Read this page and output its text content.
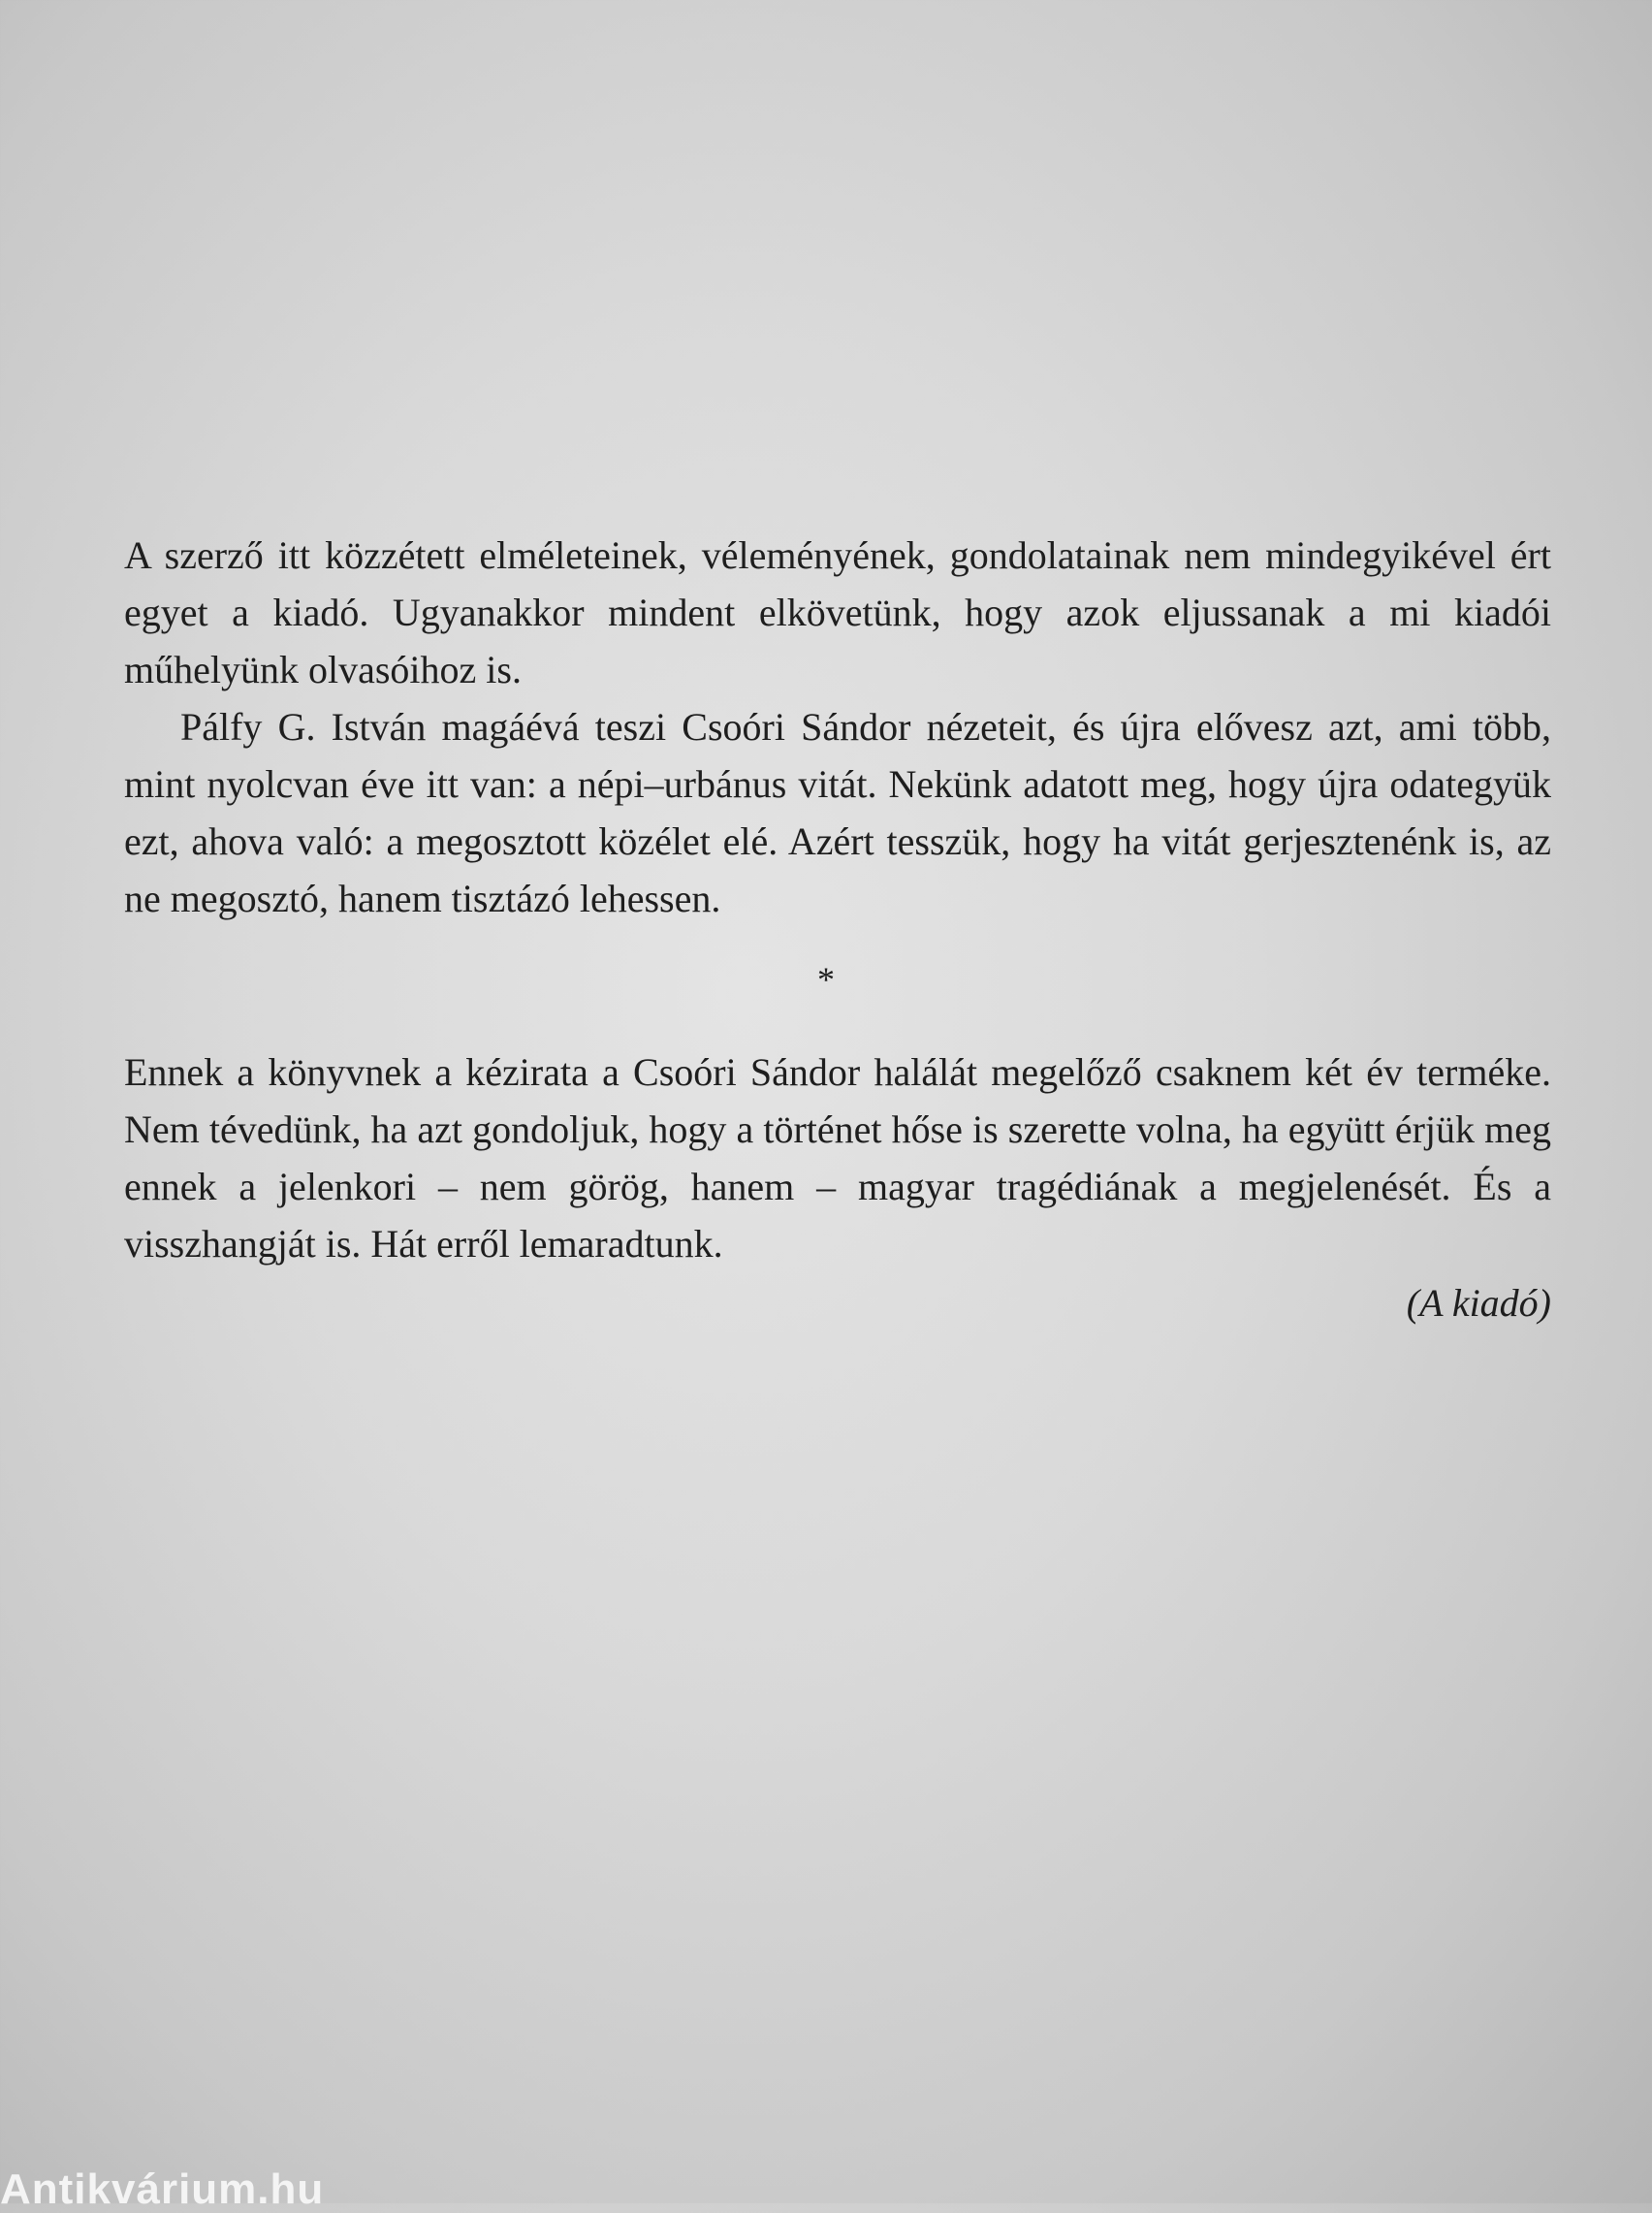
A szerző itt közzétett elméleteinek, véleményének, gondolatainak nem mindegyikével ért egyet a kiadó. Ugyanakkor mindent elkövetünk, hogy azok eljussanak a mi kiadói műhelyünk olvasóihoz is.

Pálfy G. István magáévá teszi Csoóri Sándor nézeteit, és újra elővesz azt, ami több, mint nyolcvan éve itt van: a népi–urbánus vitát. Nekünk adatott meg, hogy újra odategyük ezt, ahova való: a megosztott közélet elé. Azért tesszük, hogy ha vitát gerjesztenénk is, az ne megosztó, hanem tisztázó lehessen.

*

Ennek a könyvnek a kézirata a Csoóri Sándor halálát megelőző csaknem két év terméke. Nem tévedünk, ha azt gondoljuk, hogy a történet hőse is szerette volna, ha együtt érjük meg ennek a jelenkori – nem görög, hanem – magyar tragédiának a megjelenését. És a visszhangját is. Hát erről lemaradtunk.

(A kiadó)
Antikvárium.hu
